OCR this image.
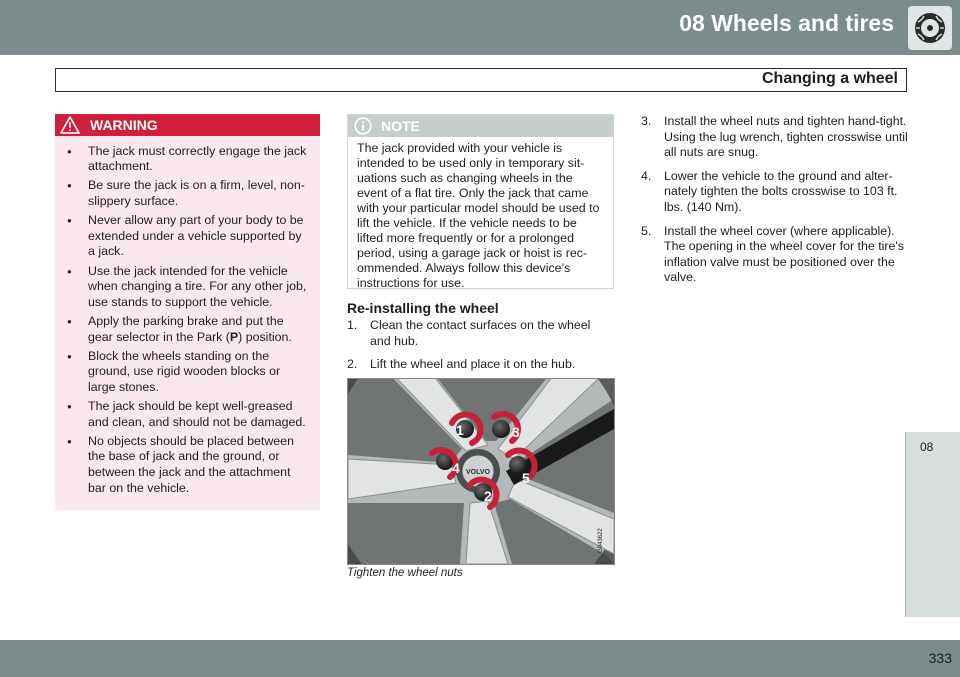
08 Wheels and tires
Changing a wheel
WARNING
● The jack must correctly engage the jack attachment.
● Be sure the jack is on a firm, level, non-slippery surface.
● Never allow any part of your body to be extended under a vehicle supported by a jack.
● Use the jack intended for the vehicle when changing a tire. For any other job, use stands to support the vehicle.
● Apply the parking brake and put the gear selector in the Park (P) position.
● Block the wheels standing on the ground, use rigid wooden blocks or large stones.
● The jack should be kept well-greased and clean, and should not be damaged.
● No objects should be placed between the base of jack and the ground, or between the jack and the attachment bar on the vehicle.
NOTE
The jack provided with your vehicle is intended to be used only in temporary situations such as changing wheels in the event of a flat tire. Only the jack that came with your particular model should be used to lift the vehicle. If the vehicle needs to be lifted more frequently or for a prolonged period, using a garage jack or hoist is recommended. Always follow this device’s instructions for use.
Re-installing the wheel
1. Clean the contact surfaces on the wheel and hub.
2. Lift the wheel and place it on the hub.
3. Install the wheel nuts and tighten hand-tight. Using the lug wrench, tighten crosswise until all nuts are snug.
4. Lower the vehicle to the ground and alternately tighten the bolts crosswise to 103 ft. lbs. (140 Nm).
5. Install the wheel cover (where applicable). The opening in the wheel cover for the tire's inflation valve must be positioned over the valve.
VOLVO
1
2
3
4
5
G043622
Tighten the wheel nuts
08
333
